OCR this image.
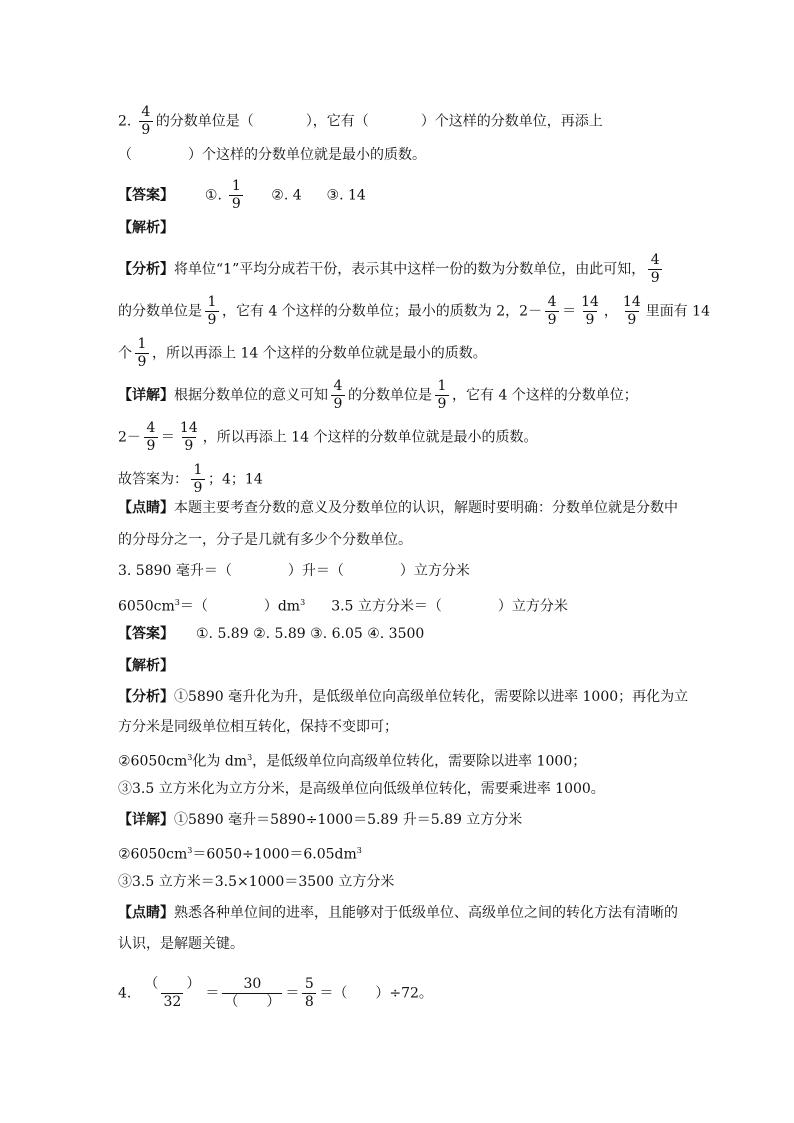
2. $\frac{4}{9}$ 的分数单位是（	），它有（	）个这样的分数单位，再添上
（　　　　）个这样的分数单位就是最小的质数。
【答案】 ①. $\frac{1}{9}$ ②. 4 ③. 14
【解析】
【分析】将单位“1”平均分成若干份，表示其中这样一份的数为分数单位，由此可知， $\frac{4}{9}$
的分数单位是 $\frac{1}{9}$ ，它有 4 个这样的分数单位；最小的质数为 2，$2- \frac{4}{9} = \frac{14}{9}$ ， $\frac{14}{9}$ 里面有 14
个 $\frac{1}{9}$ ，所以再添上 14 个这样的分数单位就是最小的质数。
【详解】根据分数单位的意义可知 $\frac{4}{9}$ 的分数单位是 $\frac{1}{9}$ ，它有 4 个这样的分数单位；
$2- \frac{4}{9} = \frac{14}{9}$ ，所以再添上 14 个这样的分数单位就是最小的质数。
故答案为： $\frac{1}{9}$ ；4；14
【点睛】本题主要考查分数的意义及分数单位的认识，解题时要明确：分数单位就是分数中
的分母分之一，分子是几就有多少个分数单位。
3. 5890 毫升＝（　　　　）升＝（　　　　）立方分米
$6050cm^3=$（　　　　）$dm^3$ 3.5 立方分米＝（　　　　）立方分米
【答案】 ①. 5.89 ②. 5.89 ③. 6.05 ④. 3500
【解析】
【分析】①5890 毫升化为升，是低级单位向高级单位转化，需要除以进率 1000；再化为立
方分米是同级单位相互转化，保持不变即可；
$②6050cm^3$化为 $dm^3$，是低级单位向高级单位转化，需要除以进率 1000；
③3.5 立方米化为立方分米，是高级单位向低级单位转化，需要乘进率 1000。
【详解】①5890 毫升＝5890÷1000＝5.89 升＝5.89 立方分米
$②6050cm^3=6050\div 1000=6.05dm^3$
③3.5 立方米＝3.5×1000＝3500 立方分米
【点睛】熟悉各种单位间的进率，且能够对于低级单位、高级单位之间的转化方法有清晰的
认识，是解题关键。
4. $\frac{( )}{32} = \frac{30}{( )} = \frac{5}{8}$ ＝（　　）÷72。
